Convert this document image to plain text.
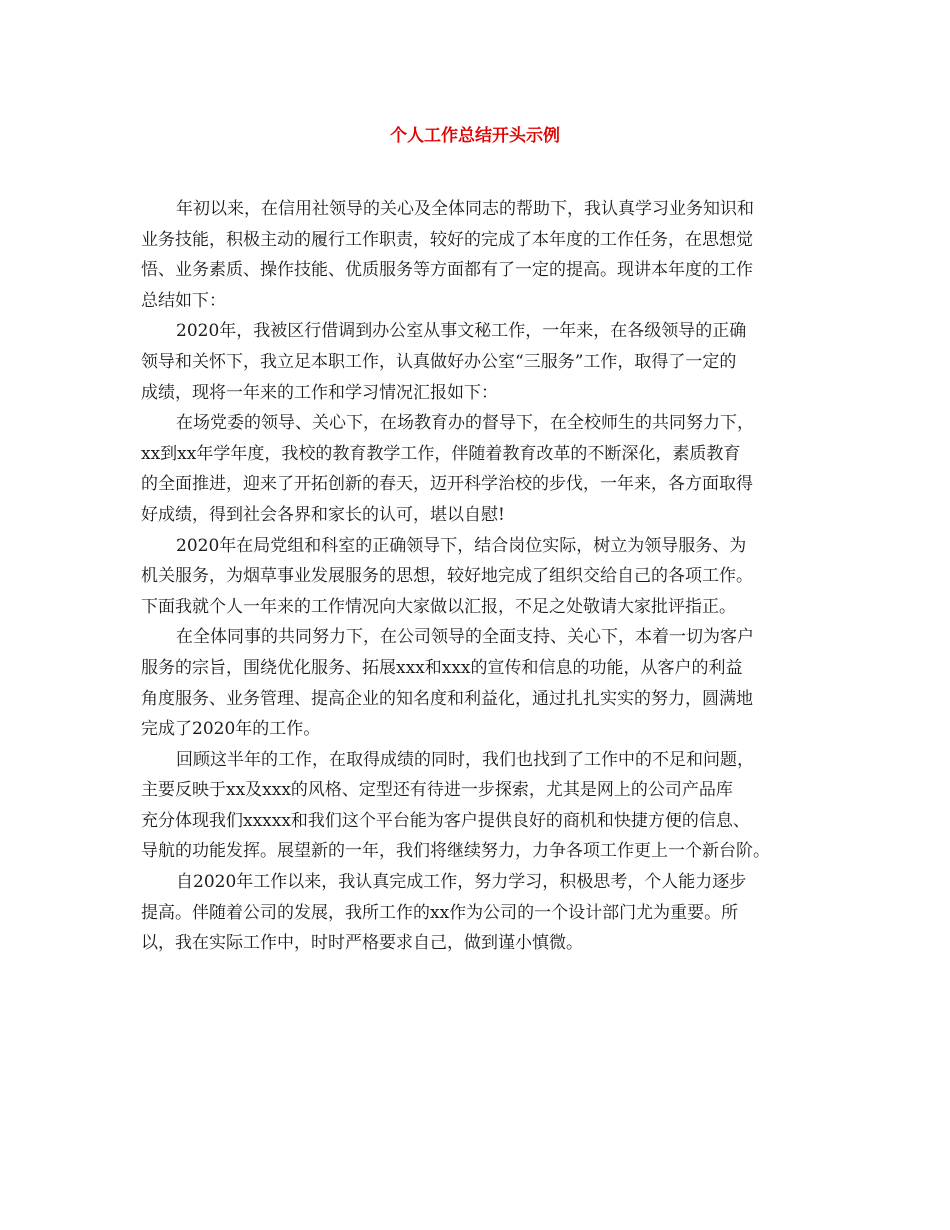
个人工作总结开头示例
年初以来，在信用社领导的关心及全体同志的帮助下，我认真学习业务知识和
业务技能，积极主动的履行工作职责，较好的完成了本年度的工作任务，在思想觉
悟、业务素质、操作技能、优质服务等方面都有了一定的提高。现讲本年度的工作
总结如下：
2020年，我被区行借调到办公室从事文秘工作，一年来，在各级领导的正确
领导和关怀下，我立足本职工作，认真做好办公室“三服务”工作，取得了一定的
成绩，现将一年来的工作和学习情况汇报如下：
在场党委的领导、关心下，在场教育办的督导下，在全校师生的共同努力下，
xx到xx年学年度，我校的教育教学工作，伴随着教育改革的不断深化，素质教育
的全面推进，迎来了开拓创新的春天，迈开科学治校的步伐，一年来，各方面取得
好成绩，得到社会各界和家长的认可，堪以自慰!
2020年在局党组和科室的正确领导下，结合岗位实际，树立为领导服务、为
机关服务，为烟草事业发展服务的思想，较好地完成了组织交给自己的各项工作。
下面我就个人一年来的工作情况向大家做以汇报，不足之处敬请大家批评指正。
在全体同事的共同努力下，在公司领导的全面支持、关心下，本着一切为客户
服务的宗旨，围绕优化服务、拓展xxx和xxx的宣传和信息的功能，从客户的利益
角度服务、业务管理、提高企业的知名度和利益化，通过扎扎实实的努力，圆满地
完成了2020年的工作。
回顾这半年的工作，在取得成绩的同时，我们也找到了工作中的不足和问题，
主要反映于xx及xxx的风格、定型还有待进一步探索，尤其是网上的公司产品库
充分体现我们xxxxx和我们这个平台能为客户提供良好的商机和快捷方便的信息、
导航的功能发挥。展望新的一年，我们将继续努力，力争各项工作更上一个新台阶。
自2020年工作以来，我认真完成工作，努力学习，积极思考，个人能力逐步
提高。伴随着公司的发展，我所工作的xx作为公司的一个设计部门尤为重要。所
以，我在实际工作中，时时严格要求自己，做到谨小慎微。
